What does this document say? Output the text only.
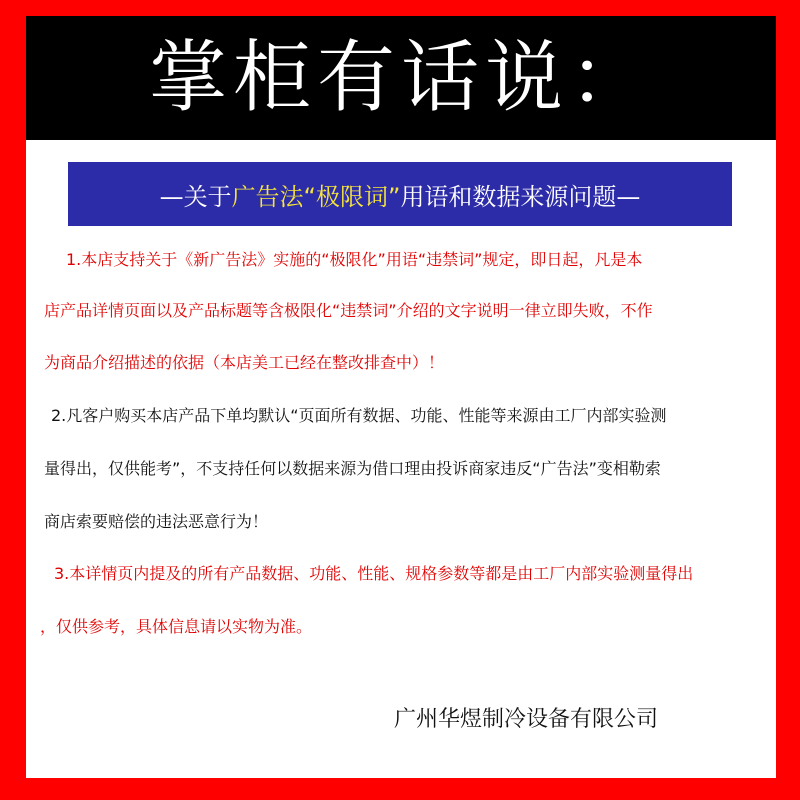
掌柜有话说：
—关于 广告法“极限词” 用语和数据来源问题—
1.本店支持关于《新广告法》实施的“极限化”用语“违禁词”规定，即日起，凡是本
店产品详情页面以及产品标题等含极限化“违禁词”介绍的文字说明一律立即失败，不作
为商品介绍描述的依据（本店美工已经在整改排查中）！
2.凡客户购买本店产品下单均默认“页面所有数据、功能、性能等来源由工厂内部实验测
量得出，仅供能考”，不支持任何以数据来源为借口理由投诉商家违反“广告法”变相勒索
商店索要赔偿的违法恶意行为！
3.本详情页内提及的所有产品数据、功能、性能、规格参数等都是由工厂内部实验测量得出
，仅供参考，具体信息请以实物为准。
广州华煜制冷设备有限公司
